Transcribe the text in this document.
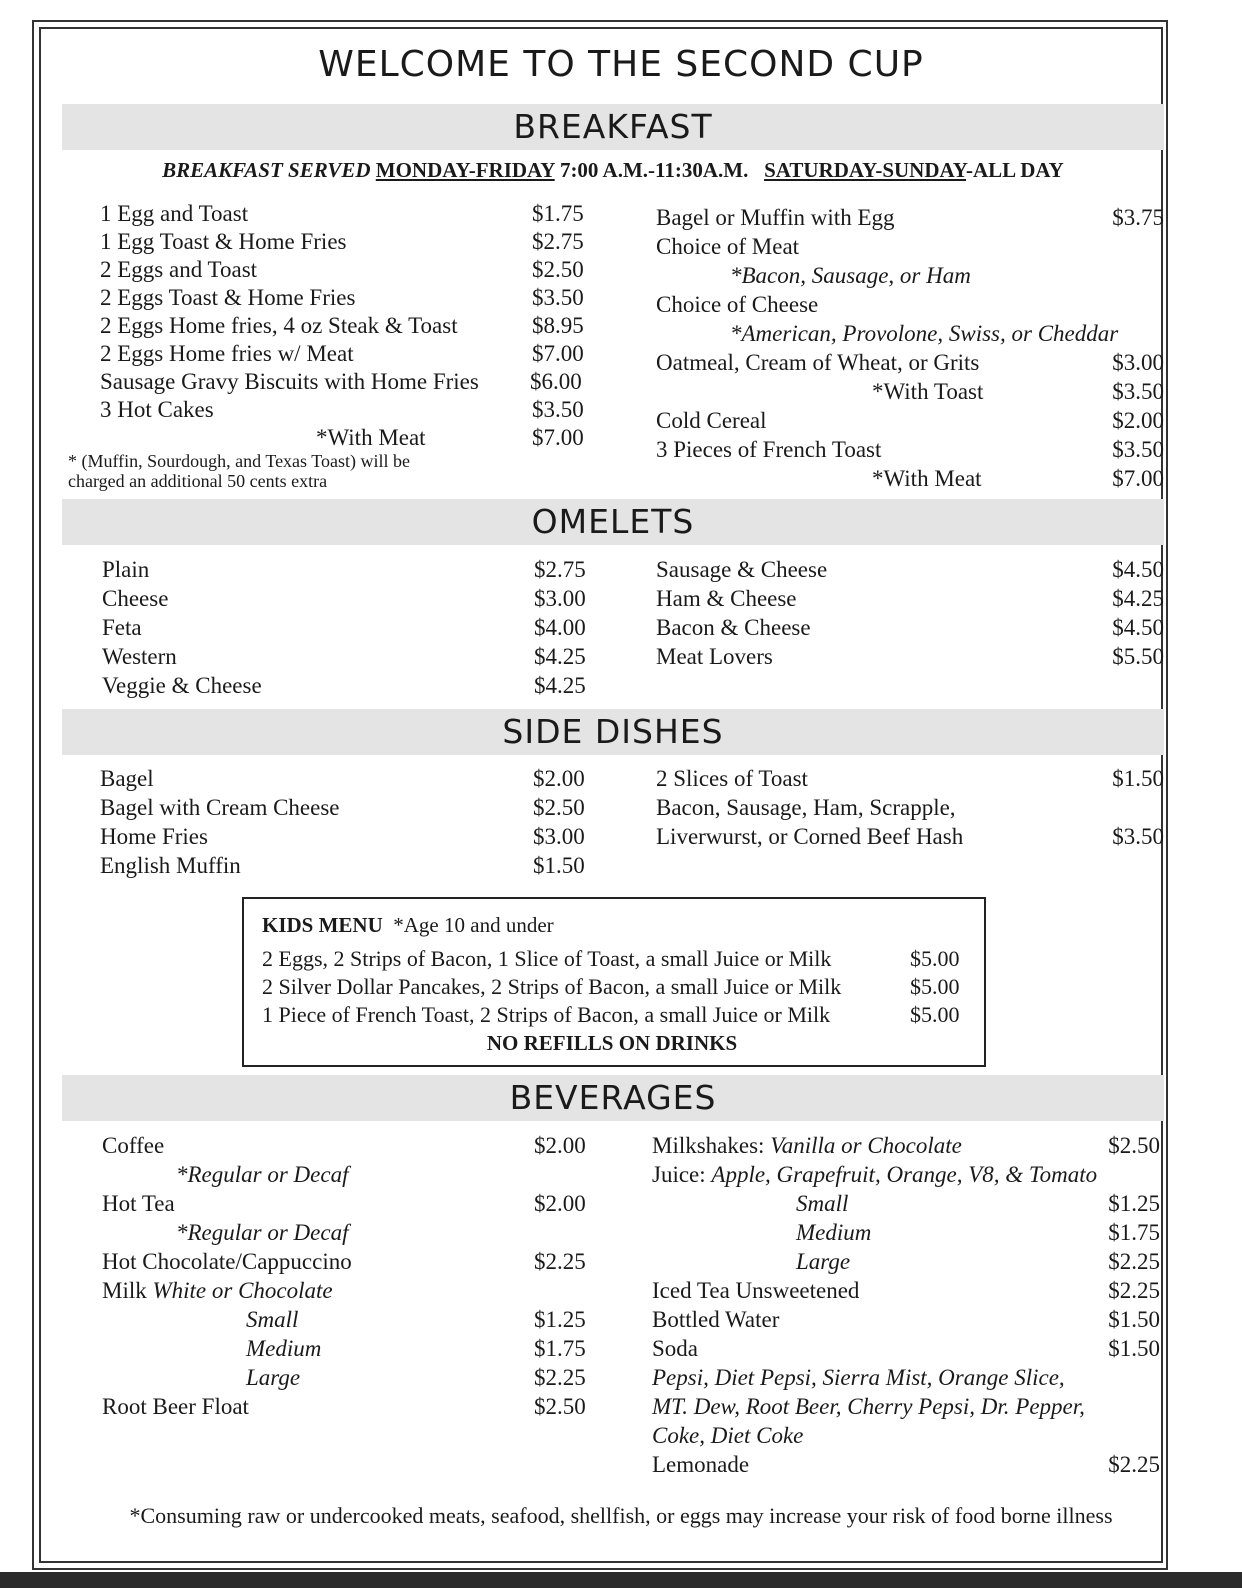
WELCOME TO THE SECOND CUP
BREAKFAST
BREAKFAST SERVED MONDAY-FRIDAY 7:00 A.M.-11:30A.M. SATURDAY-SUNDAY-ALL DAY
1 Egg and Toast	$1.75
1 Egg Toast & Home Fries	$2.75
2 Eggs and Toast	$2.50
2 Eggs Toast & Home Fries	$3.50
2 Eggs Home fries, 4 oz Steak & Toast	$8.95
2 Eggs Home fries w/ Meat	$7.00
Sausage Gravy Biscuits with Home Fries $6.00
3 Hot Cakes	$3.50
*With Meat	$7.00
* (Muffin, Sourdough, and Texas Toast) will be
charged an additional 50 cents extra
Bagel or Muffin with Egg	$3.75
Choice of Meat
*Bacon, Sausage, or Ham
Choice of Cheese
*American, Provolone, Swiss, or Cheddar
Oatmeal, Cream of Wheat, or Grits	$3.00
*With Toast	$3.50
Cold Cereal	$2.00
3 Pieces of French Toast	$3.50
*With Meat	$7.00
OMELETS
Plain	$2.75
Cheese	$3.00
Feta	$4.00
Western	$4.25
Veggie & Cheese	$4.25
Sausage & Cheese	$4.50
Ham & Cheese	$4.25
Bacon & Cheese	$4.50
Meat Lovers	$5.50
SIDE DISHES
Bagel	$2.00
Bagel with Cream Cheese	$2.50
Home Fries	$3.00
English Muffin	$1.50
2 Slices of Toast	$1.50
Bacon, Sausage, Ham, Scrapple,
Liverwurst, or Corned Beef Hash	$3.50
KIDS MENU *Age 10 and under
2 Eggs, 2 Strips of Bacon, 1 Slice of Toast, a small Juice or Milk	$5.00
2 Silver Dollar Pancakes, 2 Strips of Bacon, a small Juice or Milk	$5.00
1 Piece of French Toast, 2 Strips of Bacon, a small Juice or Milk	$5.00
NO REFILLS ON DRINKS
BEVERAGES
Coffee	$2.00
*Regular or Decaf
Hot Tea	$2.00
*Regular or Decaf
Hot Chocolate/Cappuccino	$2.25
Milk White or Chocolate
Small	$1.25
Medium	$1.75
Large	$2.25
Root Beer Float	$2.50
Milkshakes: Vanilla or Chocolate	$2.50
Juice: Apple, Grapefruit, Orange, V8, & Tomato
Small	$1.25
Medium	$1.75
Large	$2.25
Iced Tea Unsweetened	$2.25
Bottled Water	$1.50
Soda	$1.50
Pepsi, Diet Pepsi, Sierra Mist, Orange Slice,
MT. Dew, Root Beer, Cherry Pepsi, Dr. Pepper,
Coke, Diet Coke
Lemonade	$2.25
*Consuming raw or undercooked meats, seafood, shellfish, or eggs may increase your risk of food borne illness
